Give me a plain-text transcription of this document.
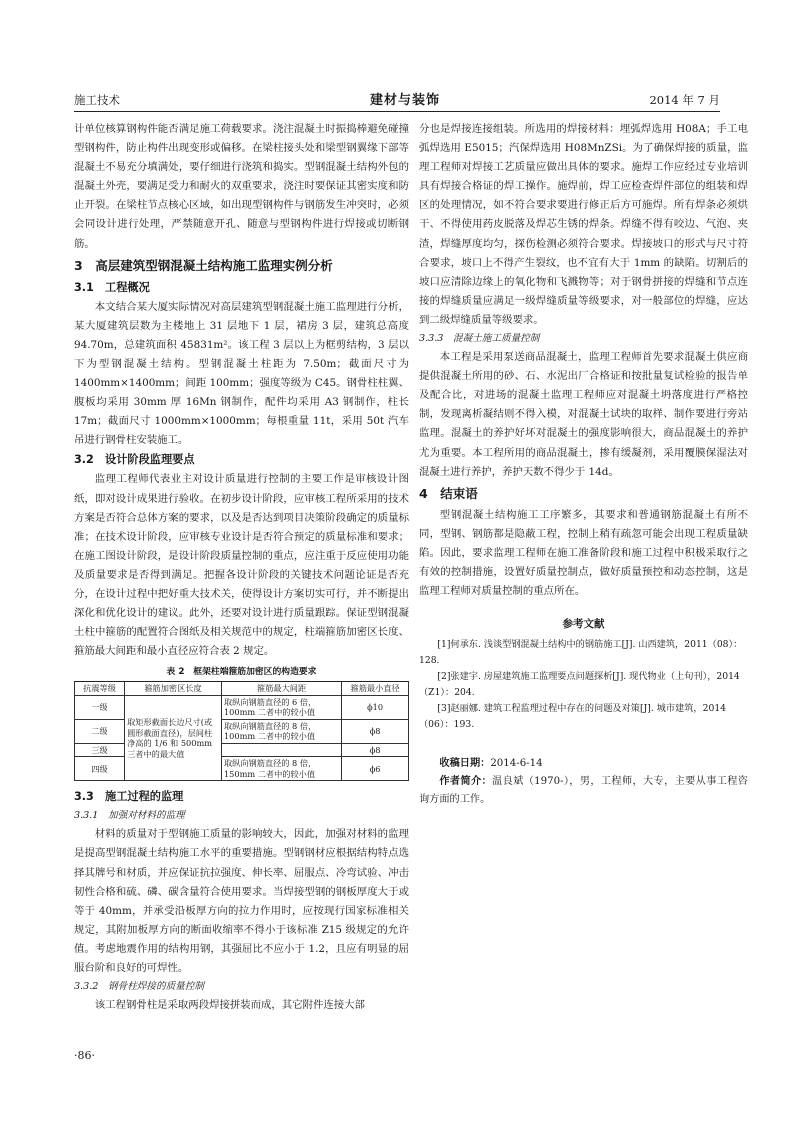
施工技术	建材与装饰	2014 年 7 月

计单位核算钢构件能否满足施工荷载要求。浇注混凝土时振捣棒避免碰撞型钢构件，防止构件出现变形或偏移。在梁柱接头处和梁型钢翼缘下部等混凝土不易充分填满处，要仔细进行浇筑和捣实。型钢混凝土结构外包的混凝土外壳，要满足受力和耐火的双重要求，浇注时要保证其密实度和防止开裂。在梁柱节点核心区域，如出现型钢构件与钢筋发生冲突时，必须会同设计进行处理，严禁随意开孔、随意与型钢构件进行焊接或切断钢筋。

3　高层建筑型钢混凝土结构施工监理实例分析
3.1　工程概况

本文结合某大厦实际情况对高层建筑型钢混凝土施工监理进行分析，某大厦建筑层数为主楼地上 31 层地下 1 层，裙房 3 层，建筑总高度 94.70m，总建筑面积 45831m²。该工程 3 层以上为框剪结构，3 层以下为型钢混凝土结构。型钢混凝土柱距为 7.50m；截面尺寸为 1400mm×1400mm；间距 100mm；强度等级为 C45。钢骨柱柱翼、腹板均采用 30mm 厚 16Mn 钢制作，配件均采用 A3 钢制作，柱长 17m；截面尺寸 1000mm×1000mm；每根重量 11t，采用 50t 汽车吊进行钢骨柱安装施工。

3.2　设计阶段监理要点

监理工程师代表业主对设计质量进行控制的主要工作是审核设计图纸，即对设计成果进行验收。在初步设计阶段，应审核工程所采用的技术方案是否符合总体方案的要求，以及是否达到项目决策阶段确定的质量标准；在技术设计阶段，应审核专业设计是否符合预定的质量标准和要求；在施工图设计阶段，是设计阶段质量控制的重点，应注重于反应使用功能及质量要求是否得到满足。把握各设计阶段的关键技术问题论证是否充分，在设计过程中把好重大技术关，使得设计方案切实可行，并不断提出深化和优化设计的建议。此外，还要对设计进行质量跟踪。保证型钢混凝土柱中箍筋的配置符合图纸及相关规范中的规定，柱端箍筋加密区长度、箍筋最大间距和最小直径应符合表 2 规定。

表 2　框架柱端箍筋加密区的构造要求
抗震等级	箍筋加密区长度	箍筋最大间距	箍筋最小直径
一级	取矩形截面长边尺寸(或圆形截面直径)，层间柱净高的 1/6 和 500mm 三者中的最大值	取纵向钢筋直径的 6 倍，100mm 二者中的较小值	ϕ10
二级		取纵向钢筋直径的 8 倍，100mm 二者中的较小值	ϕ8
三级			ϕ8
四级		取纵向钢筋直径的 8 倍，150mm 二者中的较小值	ϕ6
3.3　施工过程的监理
3.3.1　加强对材料的监理

材料的质量对于型钢施工质量的影响较大，因此，加强对材料的监理是提高型钢混凝土结构施工水平的重要措施。型钢钢材应根据结构特点选择其牌号和材质，并应保证抗拉强度、伸长率、屈服点、冷弯试验、冲击韧性合格和硫、磷、碳含量符合使用要求。当焊接型钢的钢板厚度大于或等于 40mm，并承受沿板厚方向的拉力作用时，应按现行国家标准相关规定，其附加板厚方向的断面收缩率不得小于该标准 Z15 级规定的允许值。考虑地震作用的结构用钢，其强屈比不应小于 1.2，且应有明显的屈服台阶和良好的可焊性。

3.3.2　钢骨柱焊接的质量控制

该工程钢骨柱是采取两段焊接拼装而成，其它附件连接大部

分也是焊接连接组装。所选用的焊接材料：埋弧焊选用 H08A；手工电弧焊选用 E5015；汽保焊选用 H08MnZSi。为了确保焊接的质量，监理工程师对焊接工艺质量应做出具体的要求。施焊工作应经过专业培训具有焊接合格证的焊工操作。施焊前，焊工应检查焊件部位的组装和焊区的处理情况，如不符合要求要进行修正后方可施焊。所有焊条必须烘干、不得使用药皮脱落及焊芯生锈的焊条。焊缝不得有咬边、气泡、夹渣，焊缝厚度均匀，探伤检测必须符合要求。焊接坡口的形式与尺寸符合要求，坡口上不得产生裂纹，也不宜有大于 1mm 的缺陷。切割后的坡口应清除边缘上的氧化物和飞溅物等；对于钢骨拼接的焊缝和节点连接的焊缝质量应满足一级焊缝质量等级要求，对一般部位的焊缝，应达到二级焊缝质量等级要求。

3.3.3　混凝土施工质量控制

本工程是采用泵送商品混凝土，监理工程师首先要求混凝土供应商提供混凝土所用的砂、石、水泥出厂合格证和按批量复试检验的报告单及配合比，对进场的混凝土监理工程师应对混凝土坍落度进行严格控制，发现离析凝结则不得入模，对混凝土试块的取样、制作要进行旁站监理。混凝土的养护好坏对混凝土的强度影响很大，商品混凝土的养护尤为重要。本工程所用的商品混凝土，掺有缓凝剂，采用覆膜保湿法对混凝土进行养护，养护天数不得少于 14d。

4　结束语

型钢混凝土结构施工工序繁多，其要求和普通钢筋混凝土有所不同，型钢、钢筋都是隐蔽工程，控制上稍有疏忽可能会出现工程质量缺陷。因此，要求监理工程师在施工准备阶段和施工过程中积极采取行之有效的控制措施，设置好质量控制点，做好质量预控和动态控制，这是监理工程师对质量控制的重点所在。

参考文献

[1]何承东. 浅谈型钢混凝土结构中的钢筋施工[J]. 山西建筑，2011（08）：128.

[2]张建宇. 房屋建筑施工监理要点问题探析[J]. 现代物业（上旬刊），2014（Z1）：204.

[3]赵丽娜. 建筑工程监理过程中存在的问题及对策[J]. 城市建筑，2014（06）：193.

收稿日期：2014-6-14

作者简介：温良斌（1970-），男，工程师，大专，主要从事工程咨询方面的工作。

·86·
